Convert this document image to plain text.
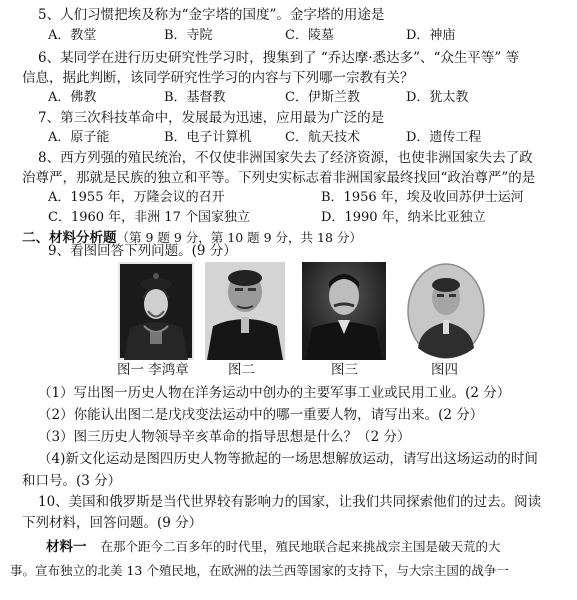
5、人们习惯把埃及称为“金字塔的国度”。金字塔的用途是
A．教堂	B．寺院	C．陵墓	D．神庙
6、某同学在进行历史研究性学习时，搜集到了 “乔达摩·悉达多”、“众生平等” 等
信息，据此判断，该同学研究性学习的内容与下列哪一宗教有关？
A．佛教	B．基督教	C．伊斯兰教	D．犹太教
7、第三次科技革命中，发展最为迅速，应用最为广泛的是
A．原子能	B．电子计算机	C．航天技术	D．遗传工程
8、西方列强的殖民统治，不仅使非洲国家失去了经济资源，也使非洲国家失去了政
治尊严，那就是民族的独立和平等。下列史实标志着非洲国家最终找回“政治尊严”的是
A．1955 年，万隆会议的召开	B．1956 年，埃及收回苏伊士运河
C．1960 年，非洲 17 个国家独立	D．1990 年，纳米比亚独立
二、材料分析题（第 9 题 9 分，第 10 题 9 分，共 18 分）
9、看图回答下列问题。(9 分）
图一 李鸿章	图二	图三	图四
（1）写出图一历史人物在洋务运动中创办的主要军事工业或民用工业。(2 分）
（2）你能认出图二是戊戌变法运动中的哪一重要人物，请写出来。(2 分）
（3）图三历史人物领导辛亥革命的指导思想是什么？（2 分）
（4)新文化运动是图四历史人物等掀起的一场思想解放运动，请写出这场运动的时间
和口号。(3 分）
10、美国和俄罗斯是当代世界较有影响力的国家，让我们共同探索他们的过去。阅读
下列材料，回答问题。(9 分）
材料一 在那个距今二百多年的时代里，殖民地联合起来挑战宗主国是破天荒的大
事。宣布独立的北美 13 个殖民地，在欧洲的法兰西等国家的支持下，与大宗主国的战争一
